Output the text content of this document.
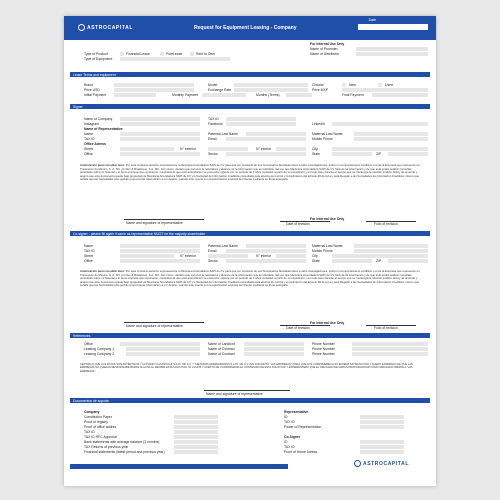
ASTROCAPITAL	Request for Equipment Leasing - Company
Date
For Internal Use Only
Name of Promoter
Name of Distributor
Type of Product	Financial Lease	PureLease	Rent to Own
Type of Equipment
Lease Terms and equipment
Brand	Model	Choose	New	Used
Price USD	Exchange Rate	Price MXP
Initial Payment	Monthly Payment	Months (Terms)	Final Payment
Signer
Name of Company	TAX ID
Instagram	Facebook	LinkedIn
Name of Representative
Name	Paternal Last Name	Maternal Last Name
TAX ID	Email	Mobile Phone
Office Adress
Street	N° exterior	N° interior	City
Office	Sector	State	ZIP
Autorización para consultar buró: Por este conducto autorizo expresamente a Mexicana Arrendadora SAPI de CV para que por conducto de sus funcionarios facultados lleve a cabo investigaciones, sobre mi comportamiento crediticio o el de la Empresa que represento en Transunion de México, S. A. SIC y/o Dun & Bradstreet, S.A. SIC. Así mismo, declaro que conozco la naturaleza y alcance de la información que se solicitará, del uso que Mexicana Arrendadora SAPI de CV hará de tal información y de que ésta podrá realizar consultas periódicas sobre mi historial o el de la empresa que represento, consintiendo que esta autorización se encuentre vigente por un periodo de 3 años contados a partir de su expedición y en todo caso durante el tiempo que se mantenga la relación jurídica. Estoy de acuerdo y acepto que este documento quede bajo propiedad de Mexicana Arrendadora SAPI de CV y/o Sociedad de Información Crediticia consultada para efectos de control y cumplimiento del artículo 28 de la Ley para Regular a las Sociedades de Información Crediticia, mismo que señala que las Sociedades sólo podrán proporcionar información a un Usuario, cuando éste cuente con la autorización expresa del Cliente mediante su firma autógrafa.
Name and signature of representative
For Internal Use Only
Date of revision	Folio of revision
Co-signer - please fill again if same as representative MUST be the majority shareholder
Name	Paternal Last Name	Maternal Last Name
TAX ID	Email	Mobile Phone
Street	N° exterior	N° interior	City
Office	Sector	State	ZIP
Autorización para consultar buró: Por este conducto autorizo expresamente a Mexicana Arrendadora SAPI de CV para que por conducto de sus funcionarios facultados lleve a cabo investigaciones, sobre mi comportamiento crediticio o el de la Empresa que represento en Transunion de México, S. A. SIC y/o Dun & Bradstreet, S.A. SIC. Así mismo, declaro que conozco la naturaleza y alcance de la información que se solicitará, del uso que Mexicana Arrendadora SAPI de CV hará de tal información y de que ésta podrá realizar consultas periódicas sobre mi historial o el de la empresa que represento, consintiendo que esta autorización se encuentre vigente por un periodo de 3 años contados a partir de su expedición y en todo caso durante el tiempo que se mantenga la relación jurídica. Estoy de acuerdo y acepto que este documento quede bajo propiedad de Mexicana Arrendadora SAPI de CV y/o Sociedad de Información Crediticia consultada para efectos de control y cumplimiento del artículo 28 de la Ley para Regular a las Sociedades de Información Crediticia, mismo que señala que las Sociedades sólo podrán proporcionar información a un Usuario, cuando éste cuente con la autorización expresa del Cliente mediante su firma autógrafa.
Name and signature of representative
For Internal Use Only
Date of revision	Folio of revision
References
Office	Name of Landlord	Phone Number
Leasing Company 1	Name of Contract	Phone Number
Leasing Company 2	Name of Contract	Phone Number
CERTIFICO QUE LOS DATOS SON AUTÉNTICOS Y AUTORIZO A ASTROCAP S.A.P.I. DE C.V. Y "METODOS HERMANDADOS S.A.P.I. DE C.V. (EN CONJUNTO "LAS EMPRESAS") PARA QUE LOS COMPRUEBEN A SU ENTERA SATISFACCIÓN Y QUEDO ENTERADO DE QUE LAS EMPRESAS NO QUEDAN RESPONSABILIZADAS ALGUNA AL RECIBIR ESTA SOLICITUD, NI LOSIOS Y ACEPTO DE CONFORMIDAD EL CONTENIDO DE ESTA SOLICITUD Y EXPEDIENTERO QUE EL OBLIGADO DE DAROS PROPORCIONAR COMO OBLIGADO FRENTE A "LAS EMPRESAS".
Name and signature of representative
Documentos de soporte
Company
Constitution Paper
Proof of registry
Proof of office addres
TAX ID
TAX ID RFC Approval
Bank statements with average balance (3 months)
TAX Returns of previous year
Financial statements (latest period and previous year)
Representative
ID
TAX ID
Power of Representation
Co-Signer
ID
TAX ID
Proof of Home Adress
ASTROCAPITAL
